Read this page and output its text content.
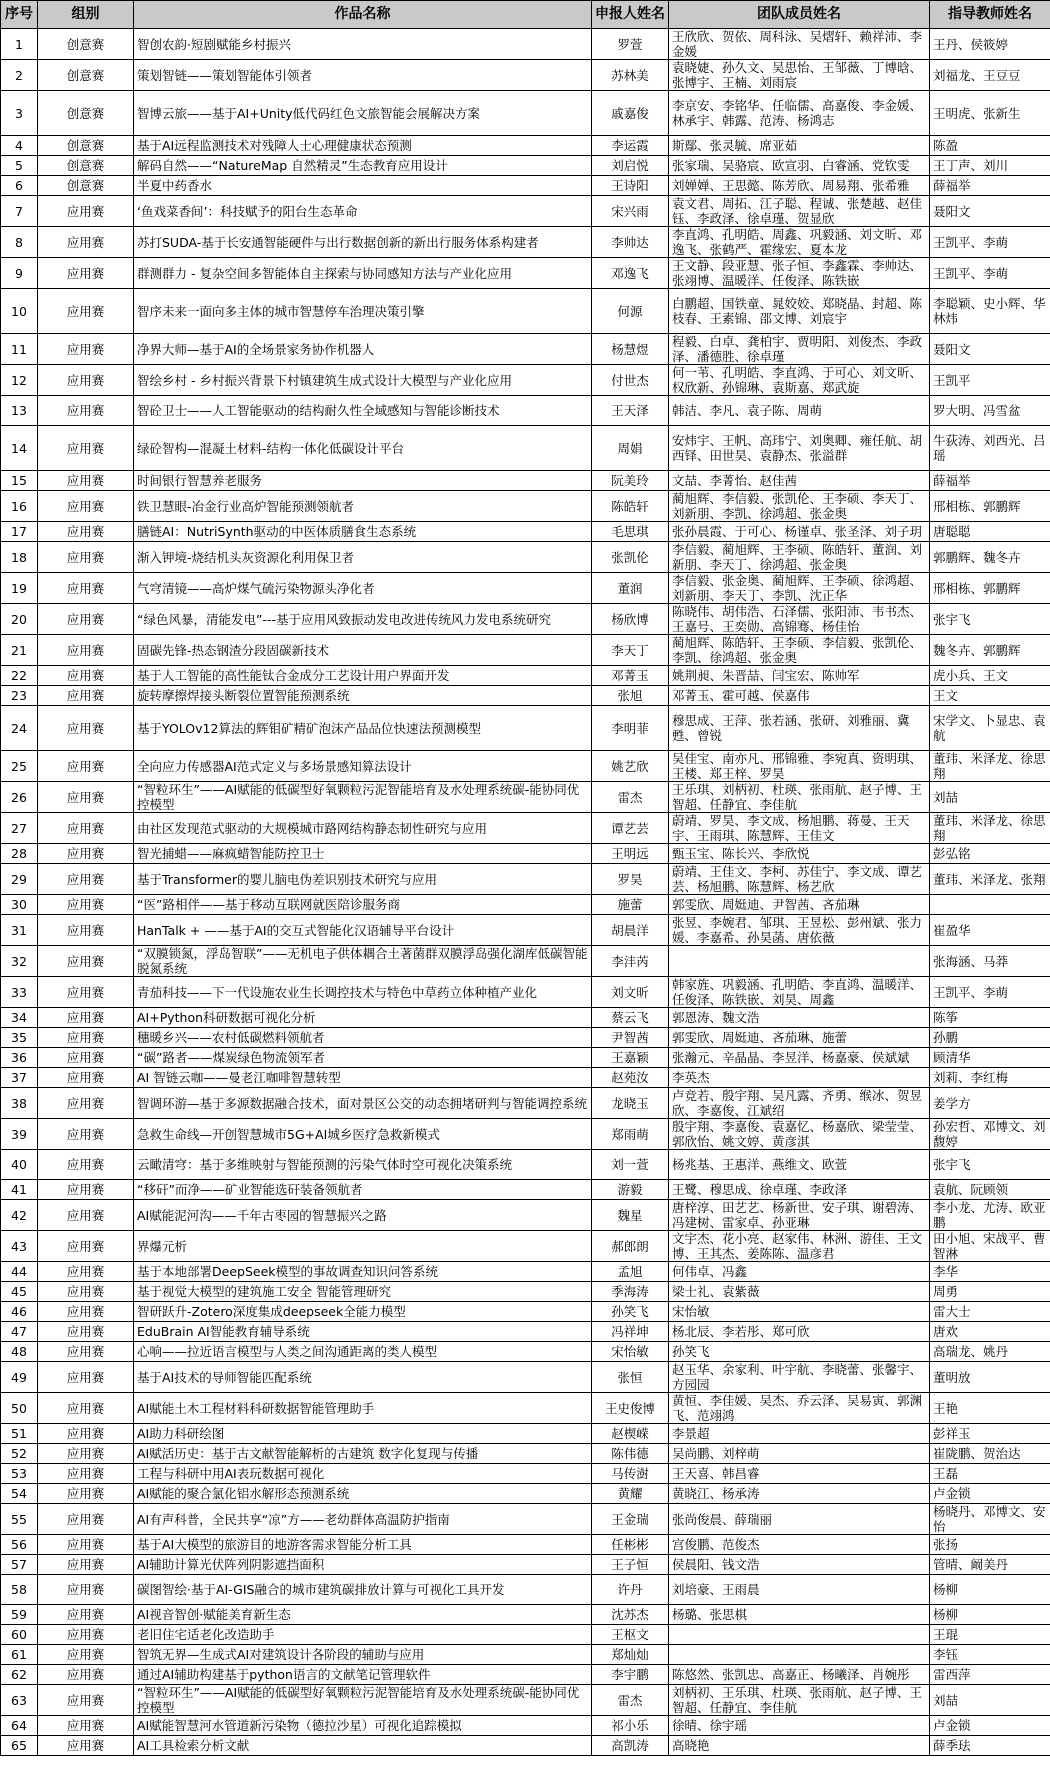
序号	组别	作品名称	申报人姓名	团队成员姓名	指导教师姓名
1	创意赛	智创农韵·短剧赋能乡村振兴	罗萱	王欣欣、贺依、周科泳、吴熠轩、赖祥沛、李金媛	王丹、侯筱婷
2	创意赛	策划智链——策划智能体引领者	苏林美	袁晓婕、孙久文、吴思怡、王邹薇、丁博晗、张博宇、王楠、刘雨宸	刘福龙、王豆豆
3	创意赛	智博云旅——基于AI+Unity低代码红色文旅智能会展解决方案	戚嘉俊	李京安、李铭华、任临儒、高嘉俊、李金媛、林承宇、韩露、范涛、杨鸿志	王明虎、张新生
4	创意赛	基于AI远程监测技术对残障人士心理健康状态预测	李运霞	斯鄢、张灵毓、席亚茹	陈盈
5	创意赛	解码自然——“NatureMap 自然精灵”生态教育应用设计	刘启悦	张家瑞、吴骆宸、欧宣羽、白睿涵、党钦雯	王丁声、刘川
6	创意赛	半夏中药香水	王诗阳	刘婵婵、王思懿、陈芳欣、周易翔、张希雅	薛福举
7	应用赛	‘鱼戏菜香间’：科技赋予的阳台生态革命	宋兴雨	袁文君、周拓、江子聪、程诚、张楚越、赵佳钰、李政泽、徐卓瑾、贺显欣	聂阳文
8	应用赛	苏打SUDA-基于长安通智能硬件与出行数据创新的新出行服务体系构建者	李帅达	李直鸿、孔明皓、周鑫、巩毅涵、刘文昕、邓逸飞、张鹤严、霍缘宏、夏本龙	王凯平、李萌
9	应用赛	群测群力 - 复杂空间多智能体自主探索与协同感知方法与产业化应用	邓逸飞	王文静、段亚慧、张子恒、李鑫霖、李帅达、张翊博、温暖洋、任俊泽、陈铁嵌	王凯平、李萌
10	应用赛	智序未来一面向多主体的城市智慧停车治理决策引擎	何源	白鹏超、国铁童、晁姣姣、郑晓晶、封超、陈枝春、王素锦、邵文博、刘宸宇	李聪颖、史小辉、华林炜
11	应用赛	净界大师—基于AI的全场景家务协作机器人	杨慧煜	程毅、白卓、龚柏宇、贾明阳、刘俊杰、李政泽、潘德胜、徐卓瑾	聂阳文
12	应用赛	智绘乡村 - 乡村振兴背景下村镇建筑生成式设计大模型与产业化应用	付世杰	何一苇、孔明皓、李直鸿、于可心、刘文昕、权欣新、孙锦琳、袁斯嘉、郑武旋	王凯平
13	应用赛	智砼卫士——人工智能驱动的结构耐久性全域感知与智能诊断技术	王天泽	韩洁、李凡、袁子陈、周萌	罗大明、冯雪盆
14	应用赛	绿砼智构—混凝土材料-结构一体化低碳设计平台	周娟	安炜宇、王帆、高玮宁、刘奥卿、雍任航、胡西铎、田世昊、袁静杰、张溢群	牛荻涛、刘西光、吕瑶
15	应用赛	时间银行智慧养老服务	阮美玲	文喆、李菁怡、赵佳茜	薛福举
16	应用赛	铁卫慧眼-冶金行业高炉智能预测领航者	陈皓轩	蔺旭辉、李信毅、张凯伦、王李硕、李天丁、刘新朋、李凯、徐鸿超、张金奥	邢相栋、郭鹏辉
17	应用赛	膳链AI：NutriSynth驱动的中医体质膳食生态系统	毛思琪	张孙晨霞、于可心、杨谨卓、张圣泽、刘子玥	唐聪聪
18	应用赛	渐入钾境-烧结机头灰资源化利用保卫者	张凯伦	李信毅、蔺旭辉、王李硕、陈皓轩、董润、刘新朋、李天丁、徐鸿超、张金奥	郭鹏辉、魏冬卉
19	应用赛	气穹清镜——高炉煤气硫污染物源头净化者	董润	李信毅、张金奥、蔺旭辉、王李硕、徐鸿超、刘新朋、李天丁、李凯、沈正华	邢相栋、郭鹏辉
20	应用赛	“绿色风暴，清能发电”---基于应用风致振动发电改进传统风力发电系统研究	杨欣博	陈晓伟、胡伟浩、石泽儒、张阳沛、韦书杰、王嘉号、王奕勋、高锦骞、杨佳怡	张宇飞
21	应用赛	固碳先锋-热态钢渣分段固碳新技术	李天丁	蔺旭辉、陈皓轩、王李硕、李信毅、张凯伦、李凯、徐鸿超、张金奥	魏冬卉、郭鹏辉
22	应用赛	基于人工智能的高性能钛合金成分工艺设计用户界面开发	邓菁玉	姚荆昶、朱晋喆、闫宝宏、陈帅军	虎小兵、王文
23	应用赛	旋转摩擦焊接头断裂位置智能预测系统	张旭	邓菁玉、霍可越、侯嘉伟	王文
24	应用赛	基于YOLOv12算法的辉钼矿精矿泡沫产品品位快速法预测模型	李明菲	穆思成、王萍、张若涵、张研、刘雅丽、冀甦、曾锐	宋学文、卜显忠、袁航
25	应用赛	全向应力传感器AI范式定义与多场景感知算法设计	姚艺欣	吴佳宝、南亦凡、邢锦雅、李宛真、资明琪、王楼、郑王梓、罗昊	董玮、米泽龙、徐思翔
26	应用赛	“智粒环生”——AI赋能的低碳型好氧颗粒污泥智能培育及水处理系统碳-能协同优控模型	雷杰	王乐琪、刘柄初、杜瑛、张雨航、赵子博、王智超、任静宜、李佳航	刘喆
27	应用赛	由社区发现范式驱动的大规模城市路网结构静态韧性研究与应用	谭艺芸	蔚靖、罗昊、李文成、杨旭鹏、蒋曼、王天宇、王雨琪、陈慧辉、王佳文	董玮、米泽龙、徐思翔
28	应用赛	智光捕蜡——麻疯蜡智能防控卫士	王明远	甄玉宝、陈长兴、李欣悦	彭弘铭
29	应用赛	基于Transformer的婴儿脑电伪差识别技术研究与应用	罗昊	蔚靖、王佳文、李柯、苏佳宁、李文成、谭艺芸、杨旭鹏、陈慧辉、杨艺欣	董玮、米泽龙、张翔
30	应用赛	“医”路相伴——基于移动互联网就医陪诊服务商	施蕾	郭雯欣、周娗迪、尹智茜、吝茄琳	
31	应用赛	HanTalk + ——基于AI的交互式智能化汉语辅导平台设计	胡晨洋	张昱、李婉君、邹琪、王昱松、彭州斌、张力媛、李嘉希、孙昊菡、唐依薇	崔盈华
32	应用赛	“双膜锁氮，浮岛智联”——无机电子供体耦合土著菌群双膜浮岛强化湖库低碳智能脱氮系统	李沣芮		张海涵、马莽
33	应用赛	青茄科技——下一代设施农业生长调控技术与特色中草药立体种植产业化	刘文昕	韩家旌、巩毅涵、孔明皓、李直鸿、温暖洋、任俊泽、陈铁嵌、刘昊、周鑫	王凯平、李萌
34	应用赛	AI+Python科研数据可视化分析	蔡云飞	郭恩涛、魏文浩	陈筝
35	应用赛	穗暖乡兴——农村低碳燃料领航者	尹智茜	郭雯欣、周娗迪、吝茄琳、施蕾	孙鹏
36	应用赛	“碳”路者——煤炭绿色物流领军者	王嘉颖	张瀚元、辛晶晶、李昱洋、杨嘉豪、侯斌斌	顾清华
37	应用赛	AI 智链云咖——曼老江咖啡智慧转型	赵苑汝	李英杰	刘莉、李红梅
38	应用赛	智调环游—基于多源数据融合技术，面对景区公交的动态拥堵研判与智能调控系统	龙晓玉	卢竞若、殷宇翔、吴凡露、齐勇、缑冰、贺昱欣、李嘉俊、江斌绍	姜学方
39	应用赛	急救生命线—开创智慧城市5G+AI城乡医疗急救新模式	郑雨萌	殷宇翔、李嘉俊、袁嘉忆、杨嘉欣、梁莹莹、郭欣怡、姚文婷、黄彦淇	孙宏哲、邓博文、刘馥婷
40	应用赛	云瞰清穹：基于多维映射与智能预测的污染气体时空可视化决策系统	刘一萱	杨兆基、王惠洋、燕维文、欧萱	张宇飞
41	应用赛	“移矸”而净——矿业智能选矸装备领航者	游毅	王鹭、穆思成、徐卓瑾、李政泽	袁航、阮顾领
42	应用赛	AI赋能泥河沟——千年古枣园的智慧振兴之路	魏星	唐梓淳、田艺艺、杨新世、安子琪、谢碧涛、冯建树、雷家卓、孙亚琳	李小龙、尤涛、欧亚鹏
43	应用赛	界爆元析	郝郎朗	文宇杰、花小亮、赵家伟、林洲、游佳、王文博、王其杰、姜陈陈、温彦君	田小旭、宋战平、曹智淋
44	应用赛	基于本地部署DeepSeek模型的事故调查知识问答系统	孟旭	何伟卓、冯鑫	李华
45	应用赛	基于视觉大模型的建筑施工安全 智能管理研究	季海涛	梁士礼、袁紫薇	周勇
46	应用赛	智研跃升-Zotero深度集成deepseek全能力模型	孙笑飞	宋怡敏	雷大士
47	应用赛	EduBrain AI智能教育辅导系统	冯祥坤	杨北辰、李若彤、郑可欣	唐欢
48	应用赛	心响——拉近语言模型与人类之间沟通距离的类人模型	宋怡敏	孙笑飞	高瑞龙、姚丹
49	应用赛	基于AI技术的导师智能匹配系统	张恒	赵玉华、余家利、叶宇航、李晓蕾、张馨宇、方园园	董明放
50	应用赛	AI赋能土木工程材料科研数据智能管理助手	王史俊博	黄恒、李佳媛、吴杰、乔云泽、吴易寅、郭渊飞、范翊鸿	王艳
51	应用赛	AI助力科研绘图	赵楔嵘	李景超	彭祥玉
52	应用赛	AI赋活历史：基于古文献智能解析的古建筑 数字化复现与传播	陈伟德	吴尚鹏、刘梓萌	崔陇鹏、贺治达
53	应用赛	工程与科研中用AI表玩数据可视化	马传澍	王天喜、韩昌睿	王磊
54	应用赛	AI赋能的聚合氯化铝水解形态预测系统	黄耀	黄晓江、杨承涛	卢金锁
55	应用赛	AI有声科普，全民共享“凉”方——老幼群体高温防护指南	王金瑞	张尚俊晨、薛瑞丽	杨晓丹、邓博文、安怡
56	应用赛	基于AI大模型的旅游目的地游客需求智能分析工具	任彬彬	宫俊鹏、范俊杰	张扬
57	应用赛	AI辅助计算光伏阵列阴影遮挡面积	王子恒	侯晨阳、钱文浩	管晴、阚美丹
58	应用赛	碳图智绘·基于AI-GIS融合的城市建筑碳排放计算与可视化工具开发	许丹	刘培豪、王雨晨	杨柳
59	应用赛	AI视音智创·赋能美育新生态	沈苏杰	杨璐、张思棋	杨柳
60	应用赛	老旧住宅适老化改造助手	王枢文		王琨
61	应用赛	智筑无界—生成式AI对建筑设计各阶段的辅助与应用	郑灿灿		李钰
62	应用赛	通过AI辅助构建基于python语言的文献笔记管理软件	李宇鹏	陈悠然、张凯忠、高嘉正、杨曦泽、肖婉彤	雷西萍
63	应用赛	“智粒环生”——AI赋能的低碳型好氧颗粒污泥智能培育及水处理系统碳-能协同优控模型	雷杰	刘柄初、王乐琪、杜瑛、张雨航、赵子博、王智超、任静宜、李佳航	刘喆
64	应用赛	AI赋能智慧河水管道新污染物（德拉沙星）可视化追踪模拟	祁小乐	徐晴、徐宇瑶	卢金锁
65	应用赛	AI工具检索分析文献	高凯涛	高晓艳	薛季珐
